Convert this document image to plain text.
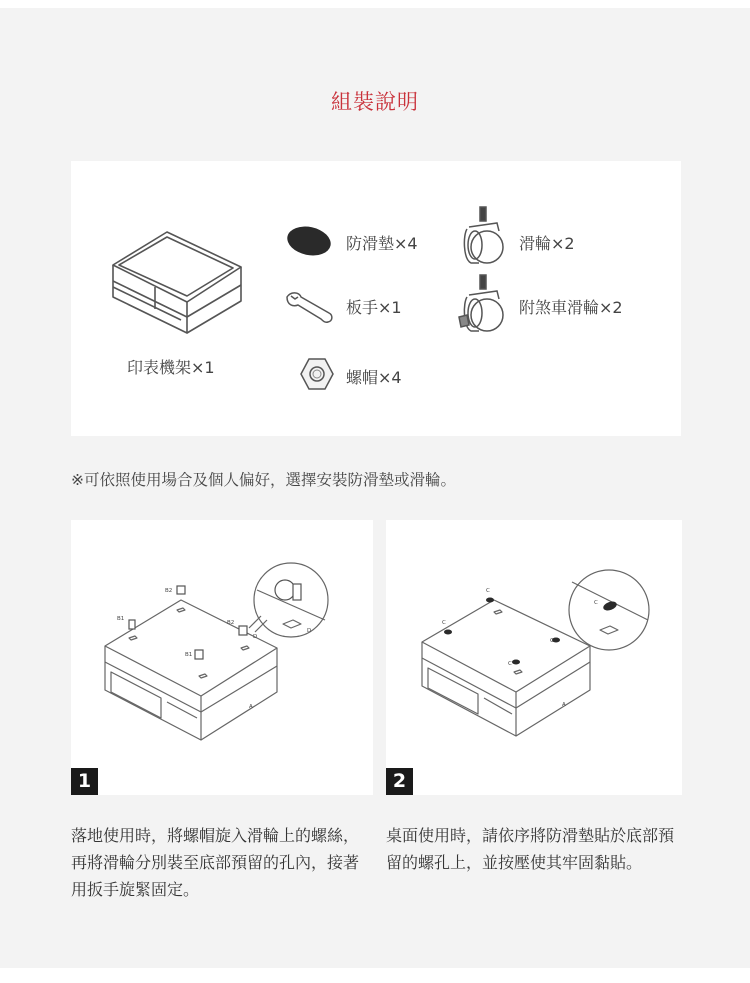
組裝說明
印表機架×1
防滑墊×4
板手×1
螺帽×4
滑輪×2
附煞車滑輪×2
※可依照使用場合及個人偏好，選擇安裝防滑墊或滑輪。
B1
B2
B2
B1
D
A
D
1
C
C
C
C
A
C
2
落地使用時，將螺帽旋入滑輪上的螺絲，再將滑輪分別裝至底部預留的孔內，接著用扳手旋緊固定。
桌面使用時，請依序將防滑墊貼於底部預留的螺孔上，並按壓使其牢固黏貼。
